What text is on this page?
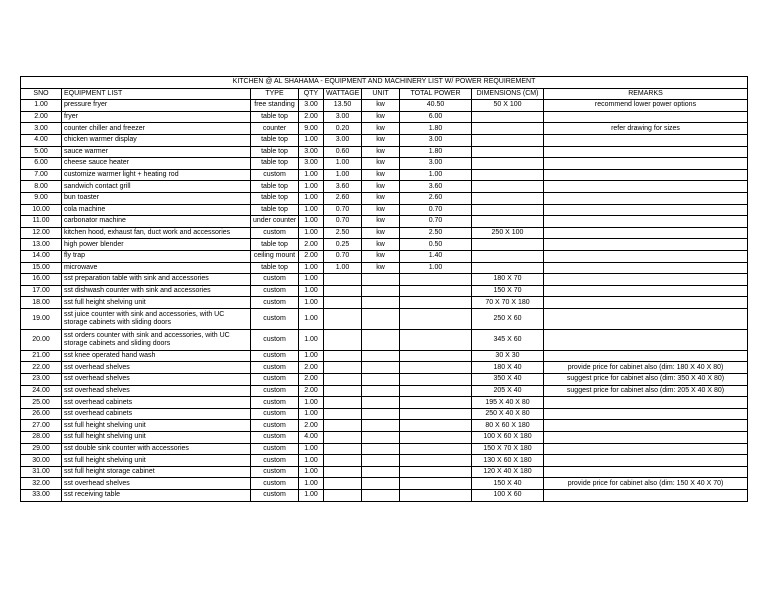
KITCHEN @ AL SHAHAMA - EQUIPMENT AND MACHINERY LIST W/ POWER REQUIREMENT								
SNO	EQUIPMENT LIST	TYPE	QTY	WATTAGE	UNIT	TOTAL POWER	DIMENSIONS (CM)	REMARKS
1.00	pressure fryer	free standing	3.00	13.50	kw	40.50	50 X 100	recommend lower power options
2.00	fryer	table top	2.00	3.00	kw	6.00		
3.00	counter chiller and freezer	counter	9.00	0.20	kw	1.80		refer drawing for sizes
4.00	chicken warmer display	table top	1.00	3.00	kw	3.00		
5.00	sauce warmer	table top	3.00	0.60	kw	1.80		
6.00	cheese sauce heater	table top	3.00	1.00	kw	3.00		
7.00	customize warmer light + heating rod	custom	1.00	1.00	kw	1.00		
8.00	sandwich contact grill	table top	1.00	3.60	kw	3.60		
9.00	bun toaster	table top	1.00	2.60	kw	2.60		
10.00	cola machine	table top	1.00	0.70	kw	0.70		
11.00	carbonator machine	under counter	1.00	0.70	kw	0.70		
12.00	kitchen hood, exhaust fan, duct work and accessories	custom	1.00	2.50	kw	2.50	250 X 100	
13.00	high power blender	table top	2.00	0.25	kw	0.50		
14.00	fly trap	ceiling mount	2.00	0.70	kw	1.40		
15.00	microwave	table top	1.00	1.00	kw	1.00		
16.00	sst preparation table with sink and accessories	custom	1.00				180 X 70	
17.00	sst dishwash counter with sink and accessories	custom	1.00				150 X 70	
18.00	sst full height shelving unit	custom	1.00				70 X 70 X 180	
19.00	sst juice counter with sink and accessories, with UC storage cabinets with sliding doors	custom	1.00				250 X 60	
20.00	sst orders counter with sink and accessories, with UC storage cabinets and sliding doors	custom	1.00				345 X 60	
21.00	sst knee operated hand wash	custom	1.00				30 X 30	
22.00	sst overhead shelves	custom	2.00				180 X 40	provide price for cabinet also (dim: 180 X 40 X 80)
23.00	sst overhead shelves	custom	2.00				350 X 40	suggest price for cabinet also (dim: 350 X 40 X 80)
24.00	sst overhead shelves	custom	2.00				205 X 40	suggest price for cabinet also (dim: 205 X 40 X 80)
25.00	sst overhead cabinets	custom	1.00				195 X 40 X 80	
26.00	sst overhead cabinets	custom	1.00				250 X 40 X 80	
27.00	sst full height shelving unit	custom	2.00				80 X 60 X 180	
28.00	sst full height shelving unit	custom	4.00				100 X 60 X 180	
29.00	sst double sink counter with accessories	custom	1.00				150 X 70 X 180	
30.00	sst full height shelving unit	custom	1.00				130 X 60 X 180	
31.00	sst full height storage cabinet	custom	1.00				120 X 40 X 180	
32.00	sst overhead shelves	custom	1.00				150 X 40	provide price for cabinet also (dim: 150 X 40 X 70)
33.00	sst receiving table	custom	1.00				100 X 60	
